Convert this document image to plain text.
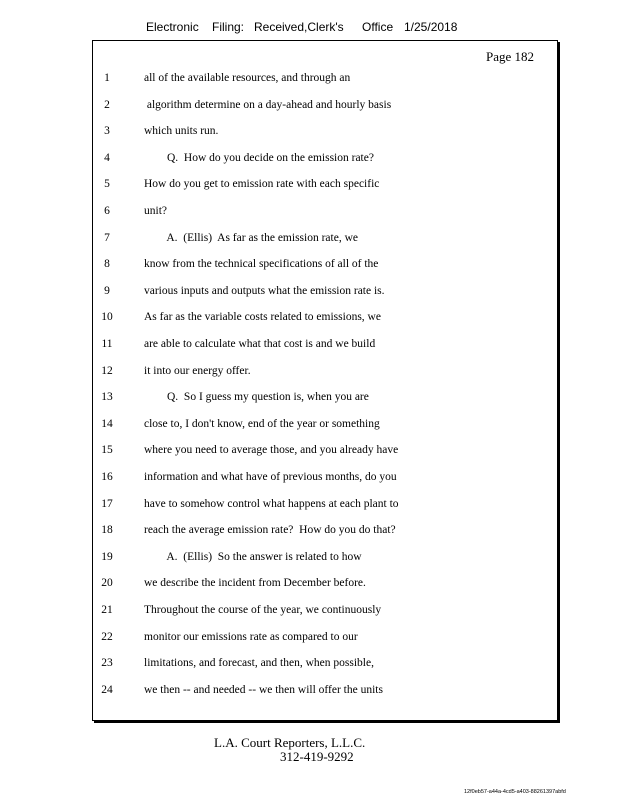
Electronic Filing: Received,Clerk's Office 1/25/2018
Page 182
1	all of the available resources, and through an
2	algorithm determine on a day-ahead and hourly basis
3	which units run.
4	Q.  How do you decide on the emission rate?
5	How do you get to emission rate with each specific
6	unit?
7	A.  (Ellis)  As far as the emission rate, we
8	know from the technical specifications of all of the
9	various inputs and outputs what the emission rate is.
10	As far as the variable costs related to emissions, we
11	are able to calculate what that cost is and we build
12	it into our energy offer.
13	Q.  So I guess my question is, when you are
14	close to, I don't know, end of the year or something
15	where you need to average those, and you already have
16	information and what have of previous months, do you
17	have to somehow control what happens at each plant to
18	reach the average emission rate?  How do you do that?
19	A.  (Ellis)  So the answer is related to how
20	we describe the incident from December before.
21	Throughout the course of the year, we continuously
22	monitor our emissions rate as compared to our
23	limitations, and forecast, and then, when possible,
24	we then -- and needed -- we then will offer the units
L.A. Court Reporters, L.L.C.
312-419-9292
12f0eb57-a44a-4cd5-a403-88261397abfd
